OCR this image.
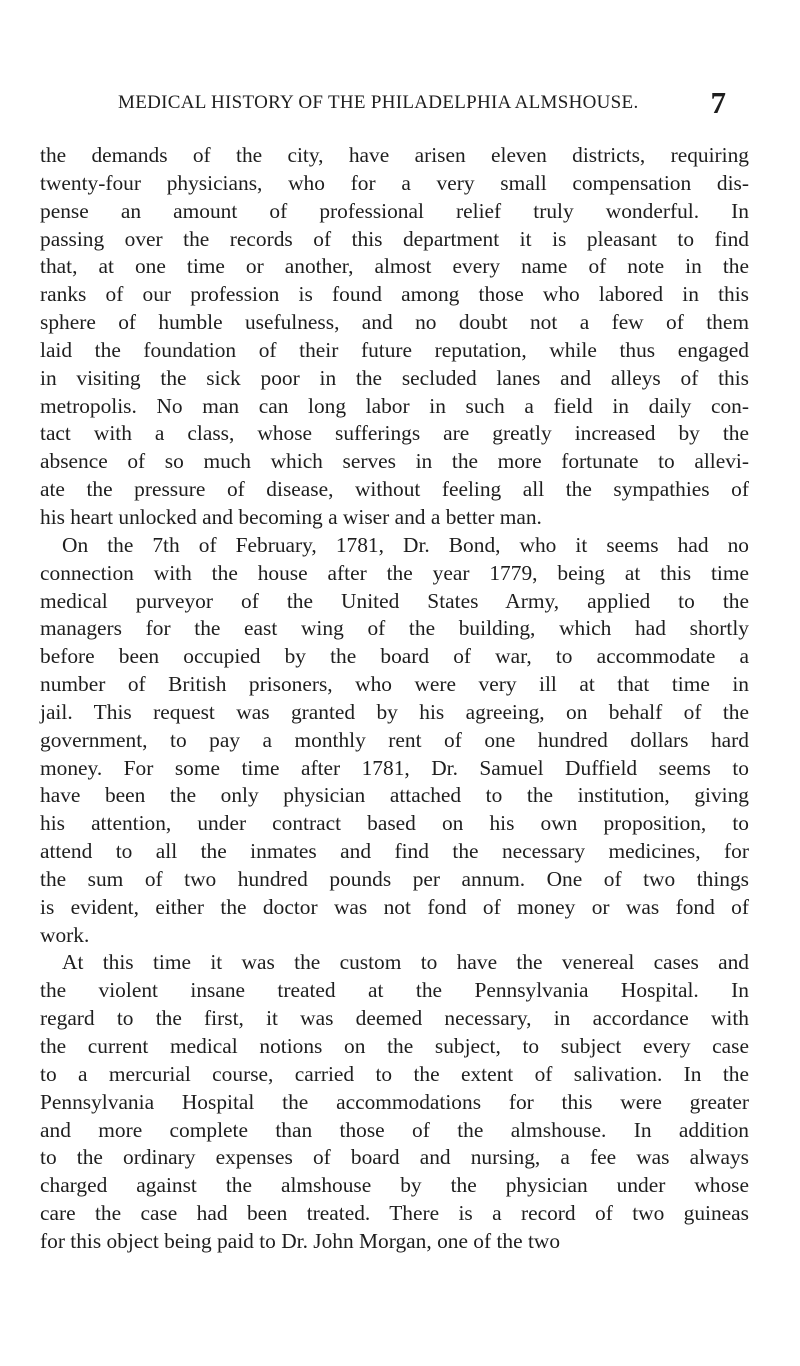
MEDICAL HISTORY OF THE PHILADELPHIA ALMSHOUSE. 7
the demands of the city, have arisen eleven districts, requiring
twenty-four physicians, who for a very small compensation dis-
pense an amount of professional relief truly wonderful. In
passing over the records of this department it is pleasant to find
that, at one time or another, almost every name of note in the
ranks of our profession is found among those who labored in this
sphere of humble usefulness, and no doubt not a few of them
laid the foundation of their future reputation, while thus engaged
in visiting the sick poor in the secluded lanes and alleys of this
metropolis. No man can long labor in such a field in daily con-
tact with a class, whose sufferings are greatly increased by the
absence of so much which serves in the more fortunate to allevi-
ate the pressure of disease, without feeling all the sympathies of
his heart unlocked and becoming a wiser and a better man.
On the 7th of February, 1781, Dr. Bond, who it seems had no
connection with the house after the year 1779, being at this time
medical purveyor of the United States Army, applied to the
managers for the east wing of the building, which had shortly
before been occupied by the board of war, to accommodate a
number of British prisoners, who were very ill at that time in
jail. This request was granted by his agreeing, on behalf of the
government, to pay a monthly rent of one hundred dollars hard
money. For some time after 1781, Dr. Samuel Duffield seems to
have been the only physician attached to the institution, giving
his attention, under contract based on his own proposition, to
attend to all the inmates and find the necessary medicines, for
the sum of two hundred pounds per annum. One of two things
is evident, either the doctor was not fond of money or was fond of
work.
At this time it was the custom to have the venereal cases and
the violent insane treated at the Pennsylvania Hospital. In
regard to the first, it was deemed necessary, in accordance with
the current medical notions on the subject, to subject every case
to a mercurial course, carried to the extent of salivation. In the
Pennsylvania Hospital the accommodations for this were greater
and more complete than those of the almshouse. In addition
to the ordinary expenses of board and nursing, a fee was always
charged against the almshouse by the physician under whose
care the case had been treated. There is a record of two guineas
for this object being paid to Dr. John Morgan, one of the two
